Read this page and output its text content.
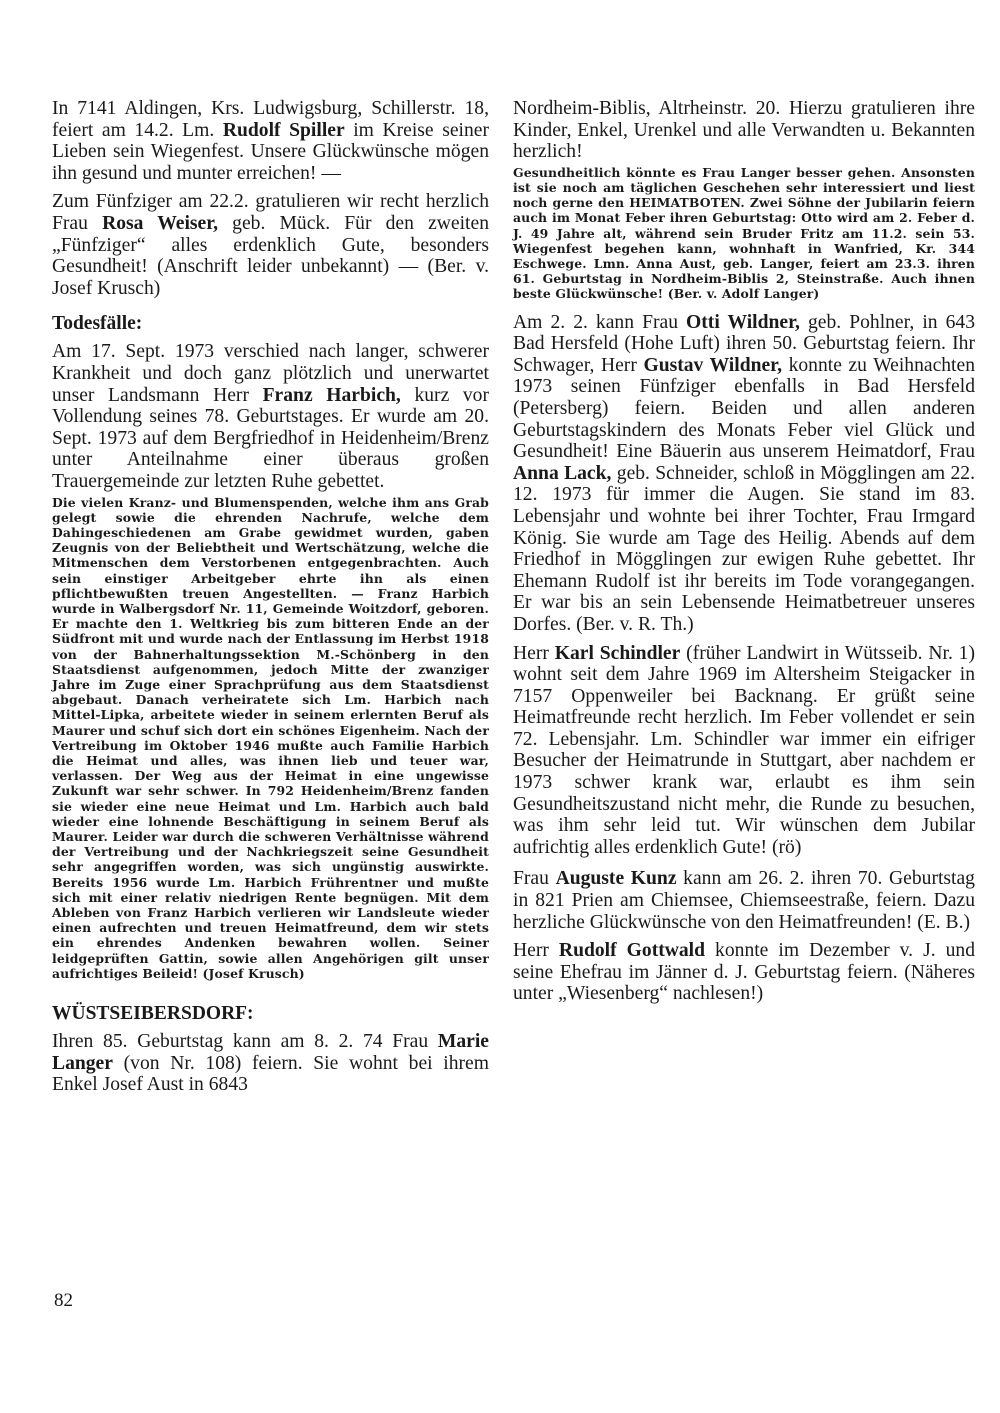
In 7141 Aldingen, Krs. Ludwigsburg, Schillerstr. 18, feiert am 14.2. Lm. Rudolf Spiller im Kreise seiner Lieben sein Wiegenfest. Unsere Glückwünsche mögen ihn gesund und munter erreichen! —

Zum Fünfziger am 22.2. gratulieren wir recht herzlich Frau Rosa Weiser, geb. Mück. Für den zweiten „Fünfziger“ alles erdenklich Gute, besonders Gesundheit! (Anschrift leider unbekannt) — (Ber. v. Josef Krusch)

Todesfälle:

Am 17. Sept. 1973 verschied nach langer, schwerer Krankheit und doch ganz plötzlich und unerwartet unser Landsmann Herr Franz Harbich, kurz vor Vollendung seines 78. Geburtstages. Er wurde am 20. Sept. 1973 auf dem Bergfriedhof in Heidenheim/Brenz unter Anteilnahme einer überaus großen Trauergemeinde zur letzten Ruhe gebettet.

Die vielen Kranz- und Blumenspenden, welche ihm ans Grab gelegt sowie die ehrenden Nachrufe, welche dem Dahingeschiedenen am Grabe gewidmet wurden, gaben Zeugnis von der Beliebtheit und Wertschätzung, welche die Mitmenschen dem Verstorbenen entgegenbrachten. Auch sein einstiger Arbeitgeber ehrte ihn als einen pflichtbewußten treuen Angestellten. — Franz Harbich wurde in Walbergsdorf Nr. 11, Gemeinde Woitzdorf, geboren. Er machte den 1. Weltkrieg bis zum bitteren Ende an der Südfront mit und wurde nach der Entlassung im Herbst 1918 von der Bahnerhaltungssektion M.-Schönberg in den Staatsdienst aufgenommen, jedoch Mitte der zwanziger Jahre im Zuge einer Sprachprüfung aus dem Staatsdienst abgebaut. Danach verheiratete sich Lm. Harbich nach Mittel-Lipka, arbeitete wieder in seinem erlernten Beruf als Maurer und schuf sich dort ein schönes Eigenheim. Nach der Vertreibung im Oktober 1946 mußte auch Familie Harbich die Heimat und alles, was ihnen lieb und teuer war, verlassen. Der Weg aus der Heimat in eine ungewisse Zukunft war sehr schwer. In 792 Heidenheim/Brenz fanden sie wieder eine neue Heimat und Lm. Harbich auch bald wieder eine lohnende Beschäftigung in seinem Beruf als Maurer. Leider war durch die schweren Verhältnisse während der Vertreibung und der Nachkriegszeit seine Gesundheit sehr angegriffen worden, was sich ungünstig auswirkte. Bereits 1956 wurde Lm. Harbich Frührentner und mußte sich mit einer relativ niedrigen Rente begnügen. Mit dem Ableben von Franz Harbich verlieren wir Landsleute wieder einen aufrechten und treuen Heimatfreund, dem wir stets ein ehrendes Andenken bewahren wollen. Seiner leidgeprüften Gattin, sowie allen Angehörigen gilt unser aufrichtiges Beileid! (Josef Krusch)

WÜSTSEIBERSDORF:

Ihren 85. Geburtstag kann am 8. 2. 74 Frau Marie Langer (von Nr. 108) feiern. Sie wohnt bei ihrem Enkel Josef Aust in 6843

Nordheim-Biblis, Altrheinstr. 20. Hierzu gratulieren ihre Kinder, Enkel, Urenkel und alle Verwandten u. Bekannten herzlich!

Gesundheitlich könnte es Frau Langer besser gehen. Ansonsten ist sie noch am täglichen Geschehen sehr interessiert und liest noch gerne den HEIMATBOTEN. Zwei Söhne der Jubilarin feiern auch im Monat Feber ihren Geburtstag: Otto wird am 2. Feber d. J. 49 Jahre alt, während sein Bruder Fritz am 11.2. sein 53. Wiegenfest begehen kann, wohnhaft in Wanfried, Kr. 344 Eschwege. Lmn. Anna Aust, geb. Langer, feiert am 23.3. ihren 61. Geburtstag in Nordheim-Biblis 2, Steinstraße. Auch ihnen beste Glückwünsche! (Ber. v. Adolf Langer)

Am 2. 2. kann Frau Otti Wildner, geb. Pohlner, in 643 Bad Hersfeld (Hohe Luft) ihren 50. Geburtstag feiern. Ihr Schwager, Herr Gustav Wildner, konnte zu Weihnachten 1973 seinen Fünfziger ebenfalls in Bad Hersfeld (Petersberg) feiern. Beiden und allen anderen Geburtstagskindern des Monats Feber viel Glück und Gesundheit! Eine Bäuerin aus unserem Heimatdorf, Frau Anna Lack, geb. Schneider, schloß in Mögglingen am 22. 12. 1973 für immer die Augen. Sie stand im 83. Lebensjahr und wohnte bei ihrer Tochter, Frau Irmgard König. Sie wurde am Tage des Heilig. Abends auf dem Friedhof in Mögglingen zur ewigen Ruhe gebettet. Ihr Ehemann Rudolf ist ihr bereits im Tode vorangegangen. Er war bis an sein Lebensende Heimatbetreuer unseres Dorfes. (Ber. v. R. Th.)

Herr Karl Schindler (früher Landwirt in Wütsseib. Nr. 1) wohnt seit dem Jahre 1969 im Altersheim Steigacker in 7157 Oppenweiler bei Backnang. Er grüßt seine Heimatfreunde recht herzlich. Im Feber vollendet er sein 72. Lebensjahr. Lm. Schindler war immer ein eifriger Besucher der Heimatrunde in Stuttgart, aber nachdem er 1973 schwer krank war, erlaubt es ihm sein Gesundheitszustand nicht mehr, die Runde zu besuchen, was ihm sehr leid tut. Wir wünschen dem Jubilar aufrichtig alles erdenklich Gute! (rö)

Frau Auguste Kunz kann am 26. 2. ihren 70. Geburtstag in 821 Prien am Chiemsee, Chiemseestraße, feiern. Dazu herzliche Glückwünsche von den Heimatfreunden! (E. B.)

Herr Rudolf Gottwald konnte im Dezember v. J. und seine Ehefrau im Jänner d. J. Geburtstag feiern. (Näheres unter „Wiesenberg“ nachlesen!)

82
